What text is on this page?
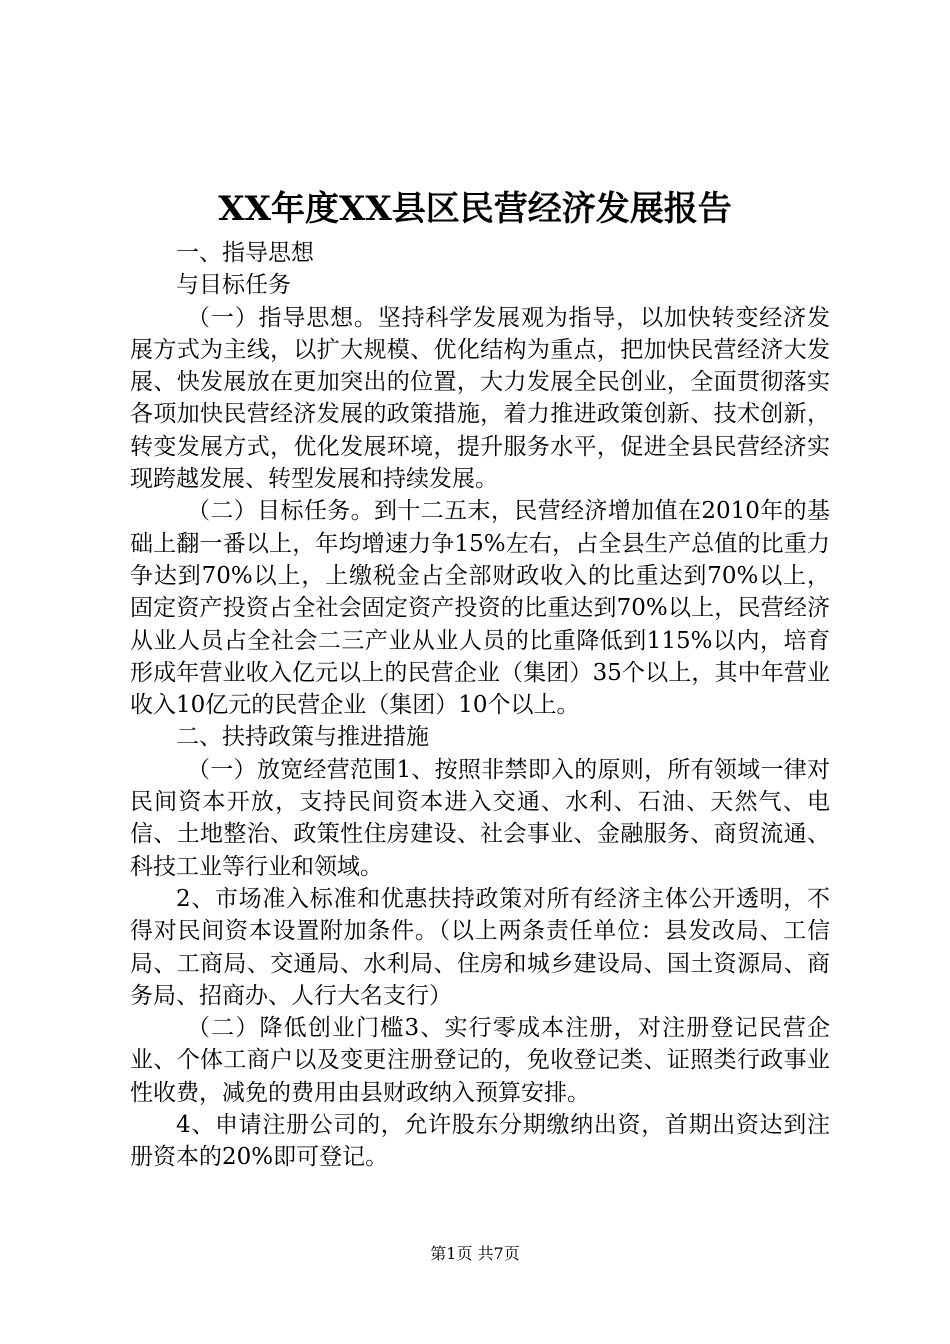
XX年度XX县区民营经济发展报告

一、指导思想

与目标任务

（一）指导思想。坚持科学发展观为指导，以加快转变经济发展方式为主线，以扩大规模、优化结构为重点，把加快民营经济大发展、快发展放在更加突出的位置，大力发展全民创业，全面贯彻落实各项加快民营经济发展的政策措施，着力推进政策创新、技术创新，转变发展方式，优化发展环境，提升服务水平，促进全县民营经济实现跨越发展、转型发展和持续发展。

（二）目标任务。到十二五末，民营经济增加值在2010年的基础上翻一番以上，年均增速力争15%左右，占全县生产总值的比重力争达到70%以上，上缴税金占全部财政收入的比重达到70%以上，固定资产投资占全社会固定资产投资的比重达到70%以上，民营经济从业人员占全社会二三产业从业人员的比重降低到115%以内，培育形成年营业收入亿元以上的民营企业（集团）35个以上，其中年营业收入10亿元的民营企业（集团）10个以上。

二、扶持政策与推进措施

（一）放宽经营范围1、按照非禁即入的原则，所有领域一律对民间资本开放，支持民间资本进入交通、水利、石油、天然气、电信、土地整治、政策性住房建设、社会事业、金融服务、商贸流通、科技工业等行业和领域。

2、市场准入标准和优惠扶持政策对所有经济主体公开透明，不得对民间资本设置附加条件。（以上两条责任单位：县发改局、工信局、工商局、交通局、水利局、住房和城乡建设局、国土资源局、商务局、招商办、人行大名支行）

（二）降低创业门槛3、实行零成本注册，对注册登记民营企业、个体工商户以及变更注册登记的，免收登记类、证照类行政事业性收费，减免的费用由县财政纳入预算安排。

4、申请注册公司的，允许股东分期缴纳出资，首期出资达到注册资本的20%即可登记。

第1页 共7页
